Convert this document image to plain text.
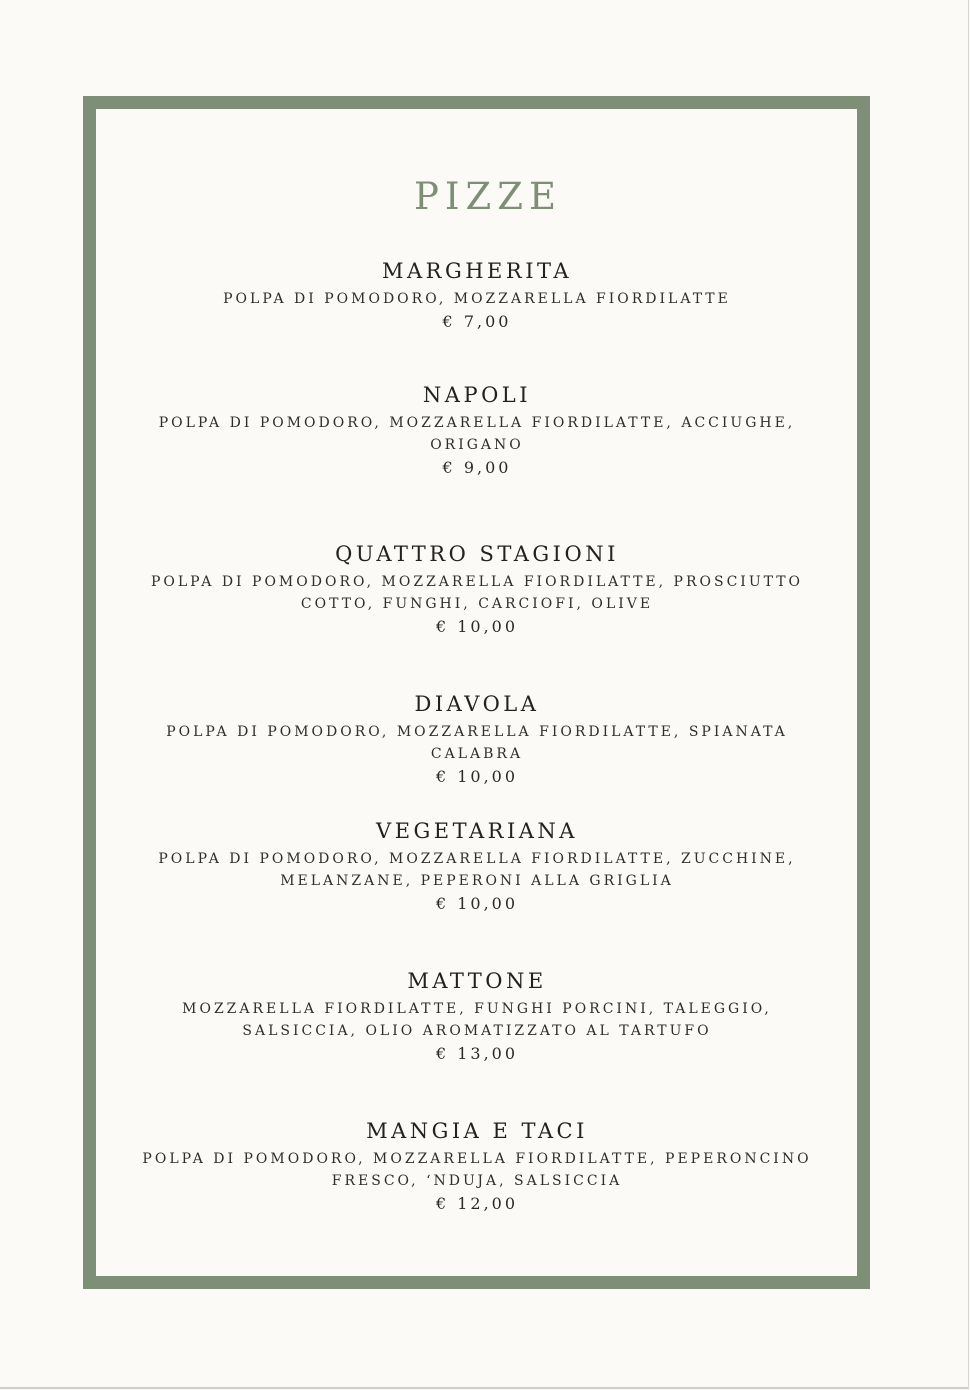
PIZZE
MARGHERITA
POLPA DI POMODORO, MOZZARELLA FIORDILATTE
€ 7,00
NAPOLI
POLPA DI POMODORO, MOZZARELLA FIORDILATTE, ACCIUGHE,
ORIGANO
€ 9,00
QUATTRO STAGIONI
POLPA DI POMODORO, MOZZARELLA FIORDILATTE, PROSCIUTTO
COTTO, FUNGHI, CARCIOFI, OLIVE
€ 10,00
DIAVOLA
POLPA DI POMODORO, MOZZARELLA FIORDILATTE, SPIANATA
CALABRA
€ 10,00
VEGETARIANA
POLPA DI POMODORO, MOZZARELLA FIORDILATTE, ZUCCHINE,
MELANZANE, PEPERONI ALLA GRIGLIA
€ 10,00
MATTONE
MOZZARELLA FIORDILATTE, FUNGHI PORCINI, TALEGGIO,
SALSICCIA, OLIO AROMATIZZATO AL TARTUFO
€ 13,00
MANGIA E TACI
POLPA DI POMODORO, MOZZARELLA FIORDILATTE, PEPERONCINO
FRESCO, ‘NDUJA, SALSICCIA
€ 12,00
